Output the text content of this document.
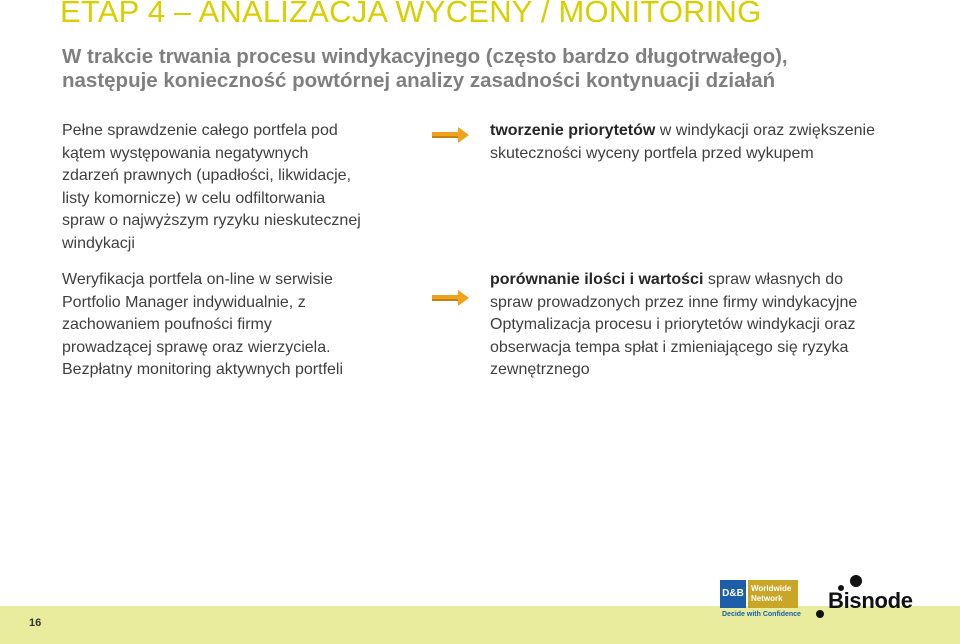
ETAP 4 – ANALIZACJA WYCENY / MONITORING
W trakcie trwania procesu windykacyjnego (często bardzo długotrwałego),
następuje konieczność powtórnej analizy zasadności kontynuacji działań
Pełne sprawdzenie całego portfela pod
kątem występowania negatywnych
zdarzeń prawnych (upadłości, likwidacje,
listy komornicze) w celu odfiltorwania
spraw o najwyższym ryzyku nieskutecznej
windykacji
tworzenie priorytetów w windykacji oraz zwiększenie
skuteczności wyceny portfela przed wykupem
Weryfikacja portfela on-line w serwisie
Portfolio Manager indywidualnie, z
zachowaniem poufności firmy
prowadzącej sprawę oraz wierzyciela.
Bezpłatny monitoring aktywnych portfeli
porównanie ilości i wartości spraw własnych do
spraw prowadzonych przez inne firmy windykacyjne
Optymalizacja procesu i priorytetów windykacji oraz
obserwacja tempa spłat i zmieniającego się ryzyka
zewnętrznego
16
D&B Worldwide
Network
Decide with Confidence
Bisnode
